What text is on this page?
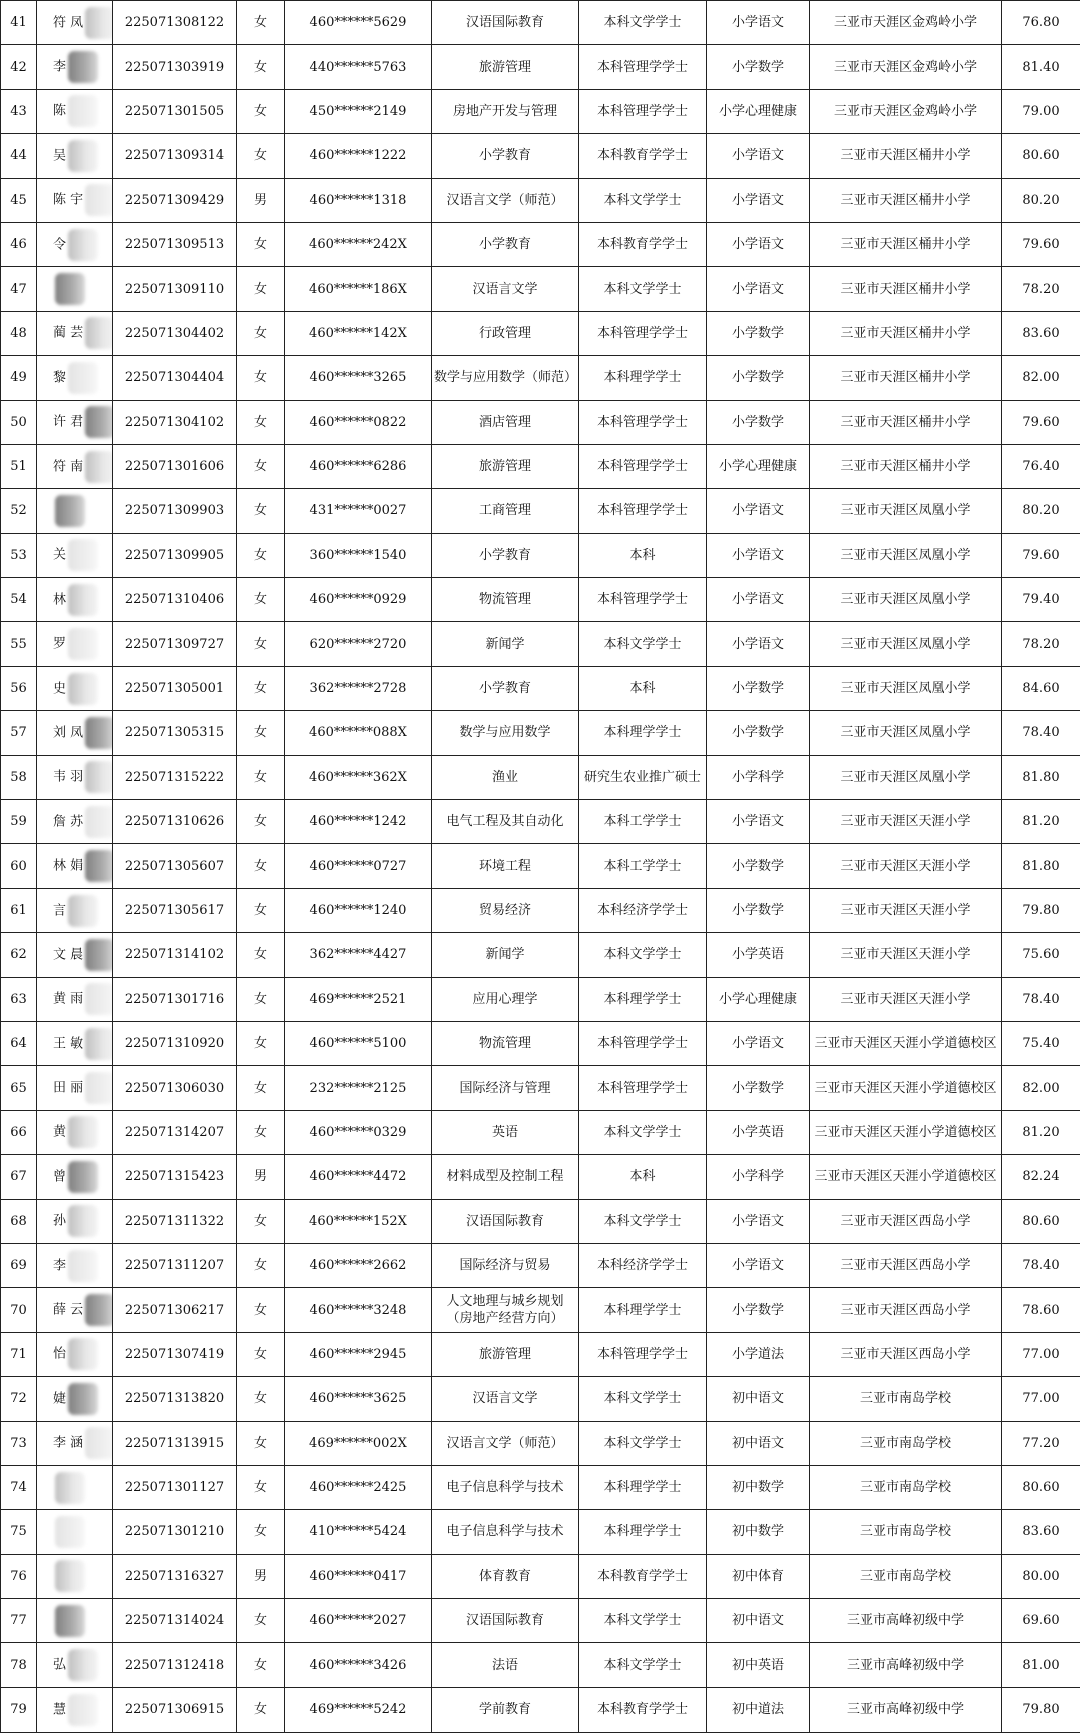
41	符 凤	225071308122	女	460******5629	汉语国际教育	本科文学学士	小学语文	三亚市天涯区金鸡岭小学	76.80
42	李	225071303919	女	440******5763	旅游管理	本科管理学学士	小学数学	三亚市天涯区金鸡岭小学	81.40
43	陈	225071301505	女	450******2149	房地产开发与管理	本科管理学学士	小学心理健康	三亚市天涯区金鸡岭小学	79.00
44	吴	225071309314	女	460******1222	小学教育	本科教育学学士	小学语文	三亚市天涯区桶井小学	80.60
45	陈 宇	225071309429	男	460******1318	汉语言文学（师范）	本科文学学士	小学语文	三亚市天涯区桶井小学	80.20
46	令	225071309513	女	460******242X	小学教育	本科教育学学士	小学语文	三亚市天涯区桶井小学	79.60
47		225071309110	女	460******186X	汉语言文学	本科文学学士	小学语文	三亚市天涯区桶井小学	78.20
48	蔺 芸	225071304402	女	460******142X	行政管理	本科管理学学士	小学数学	三亚市天涯区桶井小学	83.60
49	黎	225071304404	女	460******3265	数学与应用数学（师范）	本科理学学士	小学数学	三亚市天涯区桶井小学	82.00
50	许 君	225071304102	女	460******0822	酒店管理	本科管理学学士	小学数学	三亚市天涯区桶井小学	79.60
51	符 南	225071301606	女	460******6286	旅游管理	本科管理学学士	小学心理健康	三亚市天涯区桶井小学	76.40
52		225071309903	女	431******0027	工商管理	本科管理学学士	小学语文	三亚市天涯区凤凰小学	80.20
53	关	225071309905	女	360******1540	小学教育	本科	小学语文	三亚市天涯区凤凰小学	79.60
54	林	225071310406	女	460******0929	物流管理	本科管理学学士	小学语文	三亚市天涯区凤凰小学	79.40
55	罗	225071309727	女	620******2720	新闻学	本科文学学士	小学语文	三亚市天涯区凤凰小学	78.20
56	史	225071305001	女	362******2728	小学教育	本科	小学数学	三亚市天涯区凤凰小学	84.60
57	刘 凤	225071305315	女	460******088X	数学与应用数学	本科理学学士	小学数学	三亚市天涯区凤凰小学	78.40
58	韦 羽	225071315222	女	460******362X	渔业	研究生农业推广硕士	小学科学	三亚市天涯区凤凰小学	81.80
59	詹 苏	225071310626	女	460******1242	电气工程及其自动化	本科工学学士	小学语文	三亚市天涯区天涯小学	81.20
60	林 娟	225071305607	女	460******0727	环境工程	本科工学学士	小学数学	三亚市天涯区天涯小学	81.80
61	言	225071305617	女	460******1240	贸易经济	本科经济学学士	小学数学	三亚市天涯区天涯小学	79.80
62	文 晨	225071314102	女	362******4427	新闻学	本科文学学士	小学英语	三亚市天涯区天涯小学	75.60
63	黄 雨	225071301716	女	469******2521	应用心理学	本科理学学士	小学心理健康	三亚市天涯区天涯小学	78.40
64	王 敏	225071310920	女	460******5100	物流管理	本科管理学学士	小学语文	三亚市天涯区天涯小学道德校区	75.40
65	田 丽	225071306030	女	232******2125	国际经济与管理	本科管理学学士	小学数学	三亚市天涯区天涯小学道德校区	82.00
66	黄	225071314207	女	460******0329	英语	本科文学学士	小学英语	三亚市天涯区天涯小学道德校区	81.20
67	曾	225071315423	男	460******4472	材料成型及控制工程	本科	小学科学	三亚市天涯区天涯小学道德校区	82.24
68	孙	225071311322	女	460******152X	汉语国际教育	本科文学学士	小学语文	三亚市天涯区西岛小学	80.60
69	李	225071311207	女	460******2662	国际经济与贸易	本科经济学学士	小学语文	三亚市天涯区西岛小学	78.40
70	薛 云	225071306217	女	460******3248	人文地理与城乡规划（房地产经营方向）	本科理学学士	小学数学	三亚市天涯区西岛小学	78.60
71	怡	225071307419	女	460******2945	旅游管理	本科管理学学士	小学道法	三亚市天涯区西岛小学	77.00
72	婕	225071313820	女	460******3625	汉语言文学	本科文学学士	初中语文	三亚市南岛学校	77.00
73	李 涵	225071313915	女	469******002X	汉语言文学（师范）	本科文学学士	初中语文	三亚市南岛学校	77.20
74		225071301127	女	460******2425	电子信息科学与技术	本科理学学士	初中数学	三亚市南岛学校	80.60
75		225071301210	女	410******5424	电子信息科学与技术	本科理学学士	初中数学	三亚市南岛学校	83.60
76		225071316327	男	460******0417	体育教育	本科教育学学士	初中体育	三亚市南岛学校	80.00
77		225071314024	女	460******2027	汉语国际教育	本科文学学士	初中语文	三亚市高峰初级中学	69.60
78	弘	225071312418	女	460******3426	法语	本科文学学士	初中英语	三亚市高峰初级中学	81.00
79	慧	225071306915	女	469******5242	学前教育	本科教育学学士	初中道法	三亚市高峰初级中学	79.80
